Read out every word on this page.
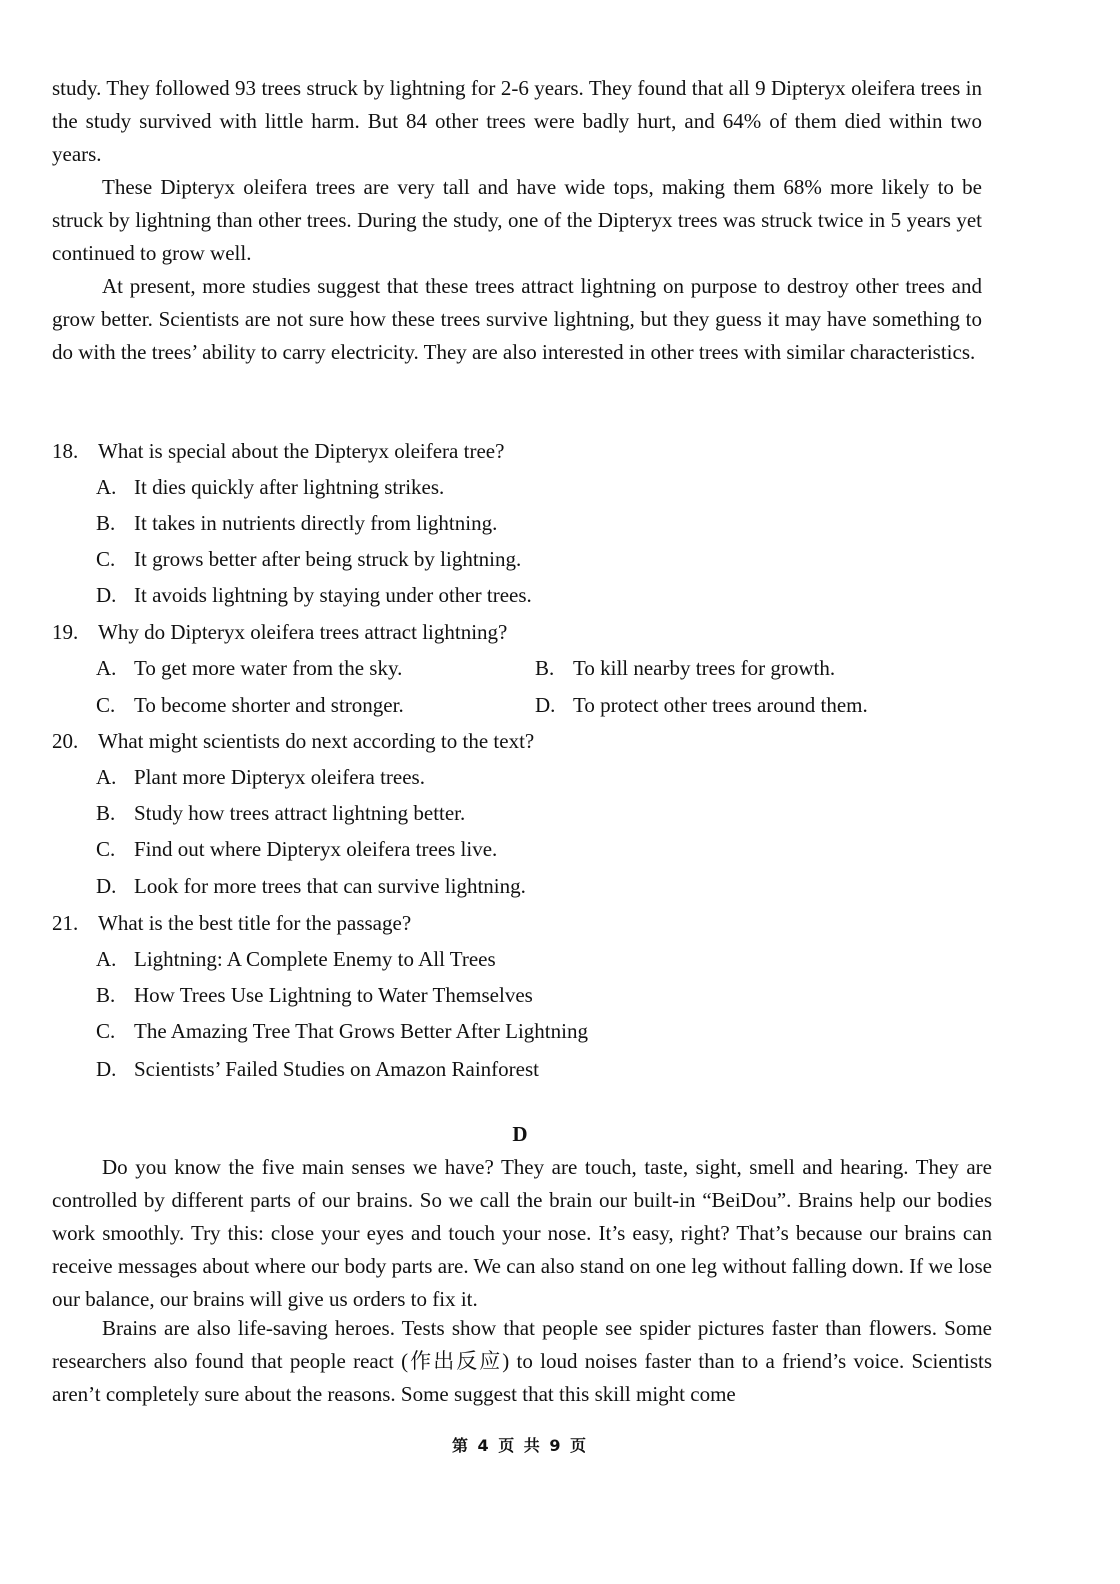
study. They followed 93 trees struck by lightning for 2-6 years. They found that all 9 Dipteryx oleifera trees in the study survived with little harm. But 84 other trees were badly hurt, and 64% of them died within two years.

These Dipteryx oleifera trees are very tall and have wide tops, making them 68% more likely to be struck by lightning than other trees. During the study, one of the Dipteryx trees was struck twice in 5 years yet continued to grow well.

At present, more studies suggest that these trees attract lightning on purpose to destroy other trees and grow better. Scientists are not sure how these trees survive lightning, but they guess it may have something to do with the trees’ ability to carry electricity. They are also interested in other trees with similar characteristics.

18. What is special about the Dipteryx oleifera tree?
A. It dies quickly after lightning strikes.
B. It takes in nutrients directly from lightning.
C. It grows better after being struck by lightning.
D. It avoids lightning by staying under other trees.
19. Why do Dipteryx oleifera trees attract lightning?
A. To get more water from the sky.	B. To kill nearby trees for growth.
C. To become shorter and stronger.	D. To protect other trees around them.
20. What might scientists do next according to the text?
A. Plant more Dipteryx oleifera trees.
B. Study how trees attract lightning better.
C. Find out where Dipteryx oleifera trees live.
D. Look for more trees that can survive lightning.
21. What is the best title for the passage?
A. Lightning: A Complete Enemy to All Trees
B. How Trees Use Lightning to Water Themselves
C. The Amazing Tree That Grows Better After Lightning
D. Scientists’ Failed Studies on Amazon Rainforest
D

Do you know the five main senses we have? They are touch, taste, sight, smell and hearing. They are controlled by different parts of our brains. So we call the brain our built-in “BeiDou”. Brains help our bodies work smoothly. Try this: close your eyes and touch your nose. It’s easy, right? That’s because our brains can receive messages about where our body parts are. We can also stand on one leg without falling down. If we lose our balance, our brains will give us orders to fix it.

Brains are also life-saving heroes. Tests show that people see spider pictures faster than flowers. Some researchers also found that people react (作出反应) to loud noises faster than to a friend’s voice. Scientists aren’t completely sure about the reasons. Some suggest that this skill might come

第 4 页 共 9 页
